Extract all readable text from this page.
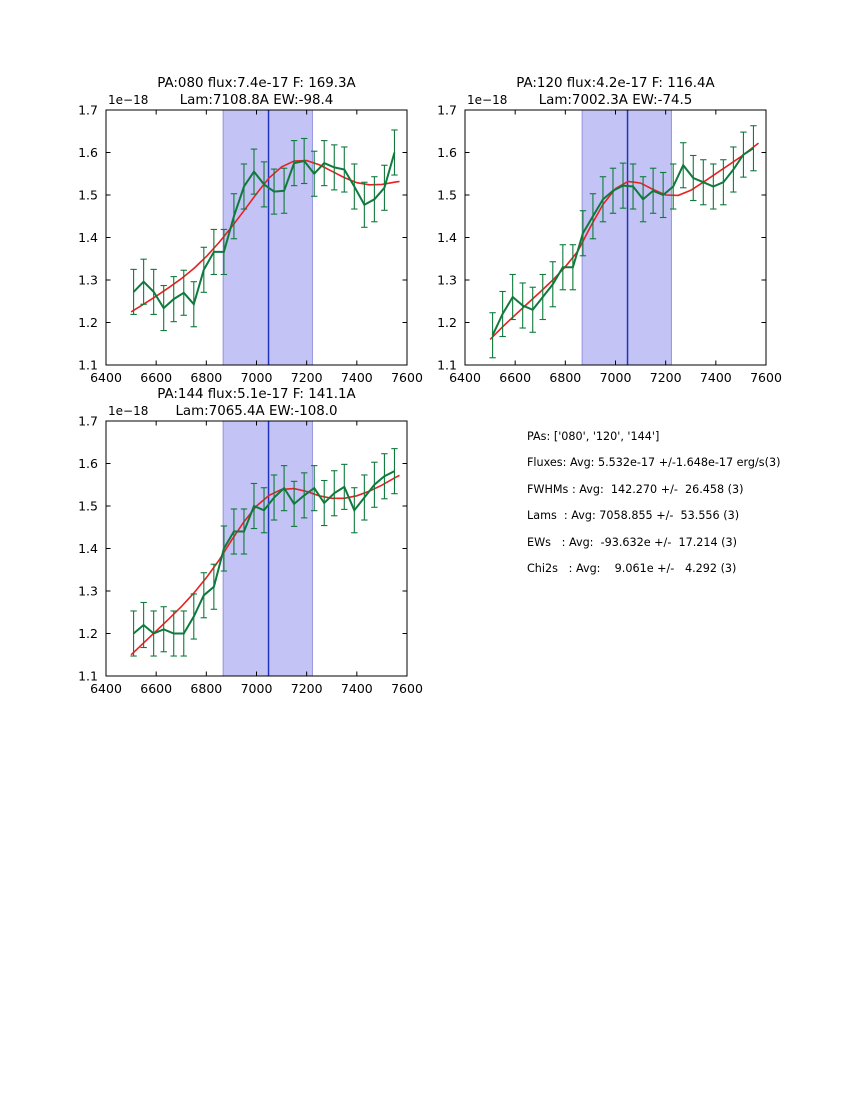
6400 6600 6800 7000 7200 7400 7600
1.1
1.2
1.3
1.4
1.5
1.6
1.7
1e−18
PA:080 flux:7.4e-17 F: 169.3A
Lam:7108.8A EW:-98.4
6400 6600 6800 7000 7200 7400 7600
1.1
1.2
1.3
1.4
1.5
1.6
1.7
1e−18
PA:120 flux:4.2e-17 F: 116.4A
Lam:7002.3A EW:-74.5
6400 6600 6800 7000 7200 7400 7600
1.1
1.2
1.3
1.4
1.5
1.6
1.7
1e−18
PA:144 flux:5.1e-17 F: 141.1A
Lam:7065.4A EW:-108.0
PAs: ['080', '120', '144']
Fluxes: Avg: 5.532e-17 +/-1.648e-17 erg/s(3)
FWHMs : Avg:  142.270 +/-  26.458 (3)
Lams  : Avg: 7058.855 +/-  53.556 (3)
EWs   : Avg:  -93.632e +/-  17.214 (3)
Chi2s   : Avg:    9.061e +/-   4.292 (3)
